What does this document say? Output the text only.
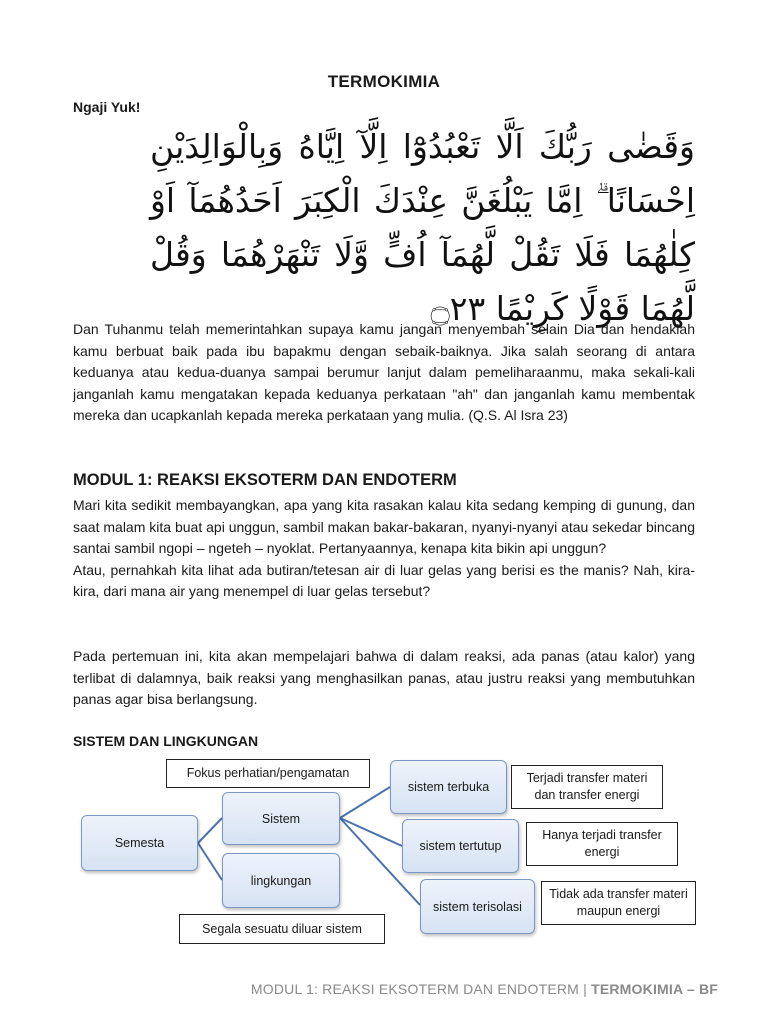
TERMOKIMIA
Ngaji Yuk!
وَقَضٰى رَبُّكَ اَلَّا تَعْبُدُوْٓا اِلَّآ اِيَّاهُ وَبِالْوَالِدَيْنِ اِحْسَانًا ۗ اِمَّا يَبْلُغَنَّ عِنْدَكَ الْكِبَرَ اَحَدُهُمَآ اَوْ كِلٰهُمَا فَلَا تَقُلْ لَّهُمَآ اُفٍّ وَّلَا تَنْهَرْهُمَا وَقُلْ لَّهُمَا قَوْلًا كَرِيْمًا ۝٢٣
Dan Tuhanmu telah memerintahkan supaya kamu jangan menyembah selain Dia dan hendaklah kamu berbuat baik pada ibu bapakmu dengan sebaik-baiknya. Jika salah seorang di antara keduanya atau kedua-duanya sampai berumur lanjut dalam pemeliharaanmu, maka sekali-kali janganlah kamu mengatakan kepada keduanya perkataan "ah" dan janganlah kamu membentak mereka dan ucapkanlah kepada mereka perkataan yang mulia. (Q.S. Al Isra 23)
MODUL 1: REAKSI EKSOTERM DAN ENDOTERM
Mari kita sedikit membayangkan, apa yang kita rasakan kalau kita sedang kemping di gunung, dan saat malam kita buat api unggun, sambil makan bakar-bakaran, nyanyi-nyanyi atau sekedar bincang santai sambil ngopi – ngeteh – nyoklat. Pertanyaannya, kenapa kita bikin api unggun?
Atau, pernahkah kita lihat ada butiran/tetesan air di luar gelas yang berisi es the manis? Nah, kira-kira, dari mana air yang menempel di luar gelas tersebut?
Pada pertemuan ini, kita akan mempelajari bahwa di dalam reaksi, ada panas (atau kalor) yang terlibat di dalamnya, baik reaksi yang menghasilkan panas, atau justru reaksi yang membutuhkan panas agar bisa berlangsung.
SISTEM DAN LINGKUNGAN
Fokus perhatian/pengamatan
Semesta
Sistem
lingkungan
Segala sesuatu diluar sistem
sistem terbuka
sistem tertutup
sistem terisolasi
Terjadi transfer materi dan transfer energi
Hanya terjadi transfer energi
Tidak ada transfer materi maupun energi
MODUL 1: REAKSI EKSOTERM DAN ENDOTERM | TERMOKIMIA – BF
